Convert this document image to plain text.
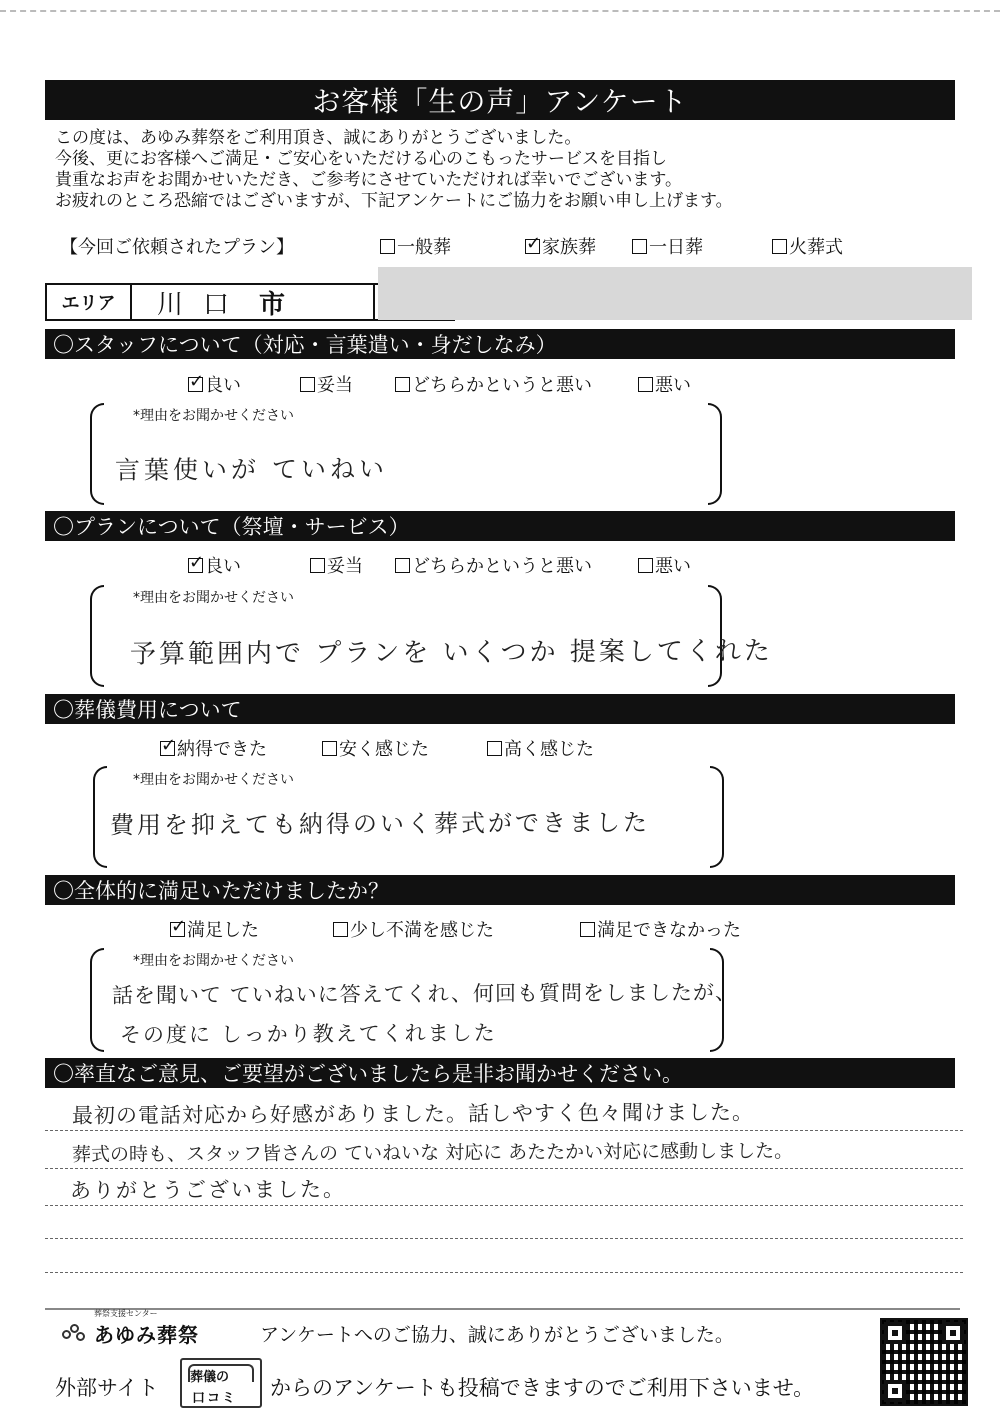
お客様「生の声」アンケート
この度は、あゆみ葬祭をご利用頂き、誠にありがとうございました。
今後、更にお客様へご満足・ご安心をいただける心のこもったサービスを目指し
貴重なお声をお聞かせいただき、ご参考にさせていただければ幸いでございます。
お疲れのところ恐縮ではございますが、下記アンケートにご協力をお願い申し上げます。
【今回ご依頼されたプラン】	一般葬
✓	家族葬	一日葬	火葬式
エリア	川口 市
〇スタッフについて（対応・言葉遣い・身だしなみ）
✓良い	妥当	どちらかというと悪い	悪い
*理由をお聞かせください
言葉使いが ていねい
〇プランについて（祭壇・サービス）
✓良い	妥当	どちらかというと悪い	悪い
*理由をお聞かせください
予算範囲内で プランを いくつか 提案してくれた
〇葬儀費用について
✓納得できた	安く感じた	高く感じた
*理由をお聞かせください
費用を抑えても納得のいく葬式ができました
〇全体的に満足いただけましたか？
✓満足した	少し不満を感じた	満足できなかった
*理由をお聞かせください
話を聞いて ていねいに答えてくれ、何回も質問をしましたが、
その度に しっかり教えてくれました
〇率直なご意見、ご要望がございましたら是非お聞かせください。
最初の電話対応から好感がありました。話しやすく色々聞けました。
葬式の時も、スタッフ皆さんの ていねいな 対応に あたたかい対応に感動しました。
ありがとうございました。
葬祭支援センター
あゆみ葬祭	アンケートへのご協力、誠にありがとうございました。
外部サイト 葬儀の
口コミ からのアンケートも投稿できますのでご利用下さいませ。
